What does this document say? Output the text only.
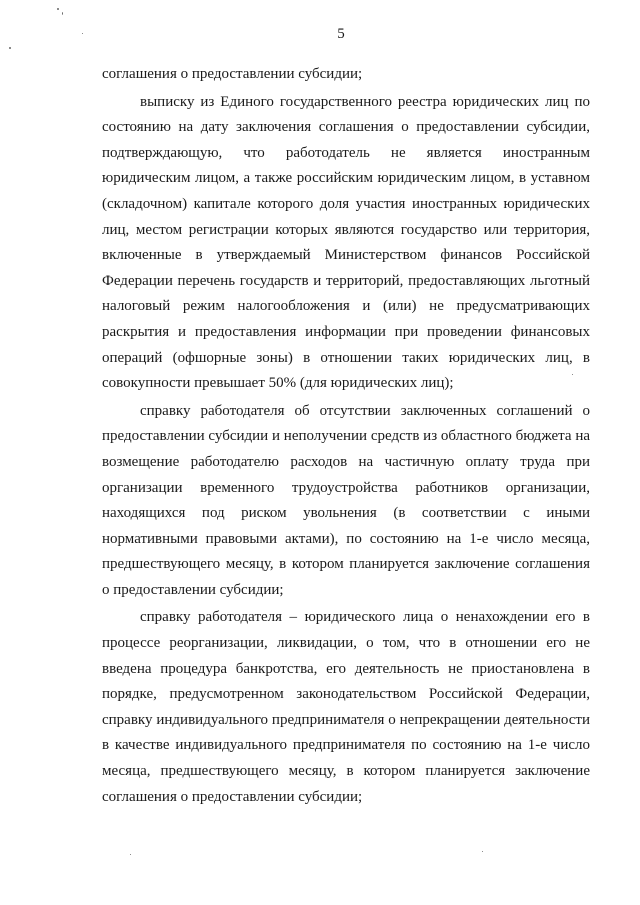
5

соглашения о предоставлении субсидии;

выписку из Единого государственного реестра юридических лиц по состоянию на дату заключения соглашения о предоставлении субсидии, подтверждающую, что работодатель не является иностранным юридическим лицом, а также российским юридическим лицом, в уставном (складочном) капитале которого доля участия иностранных юридических лиц, местом регистрации которых являются государство или территория, включенные в утверждаемый Министерством финансов Российской Федерации перечень государств и территорий, предоставляющих льготный налоговый режим налогообложения и (или) не предусматривающих раскрытия и предоставления информации при проведении финансовых операций (офшорные зоны) в отношении таких юридических лиц, в совокупности превышает 50% (для юридических лиц);

справку работодателя об отсутствии заключенных соглашений о предоставлении субсидии и неполучении средств из областного бюджета на возмещение работодателю расходов на частичную оплату труда при организации временного трудоустройства работников организации, находящихся под риском увольнения (в соответствии с иными нормативными правовыми актами), по состоянию на 1-е число месяца, предшествующего месяцу, в котором планируется заключение соглашения о предоставлении субсидии;

справку работодателя – юридического лица о ненахождении его в процессе реорганизации, ликвидации, о том, что в отношении его не введена процедура банкротства, его деятельность не приостановлена в порядке, предусмотренном законодательством Российской Федерации, справку индивидуального предпринимателя о непрекращении деятельности в качестве индивидуального предпринимателя по состоянию на 1-е число месяца, предшествующего месяцу, в котором планируется заключение соглашения о предоставлении субсидии;
